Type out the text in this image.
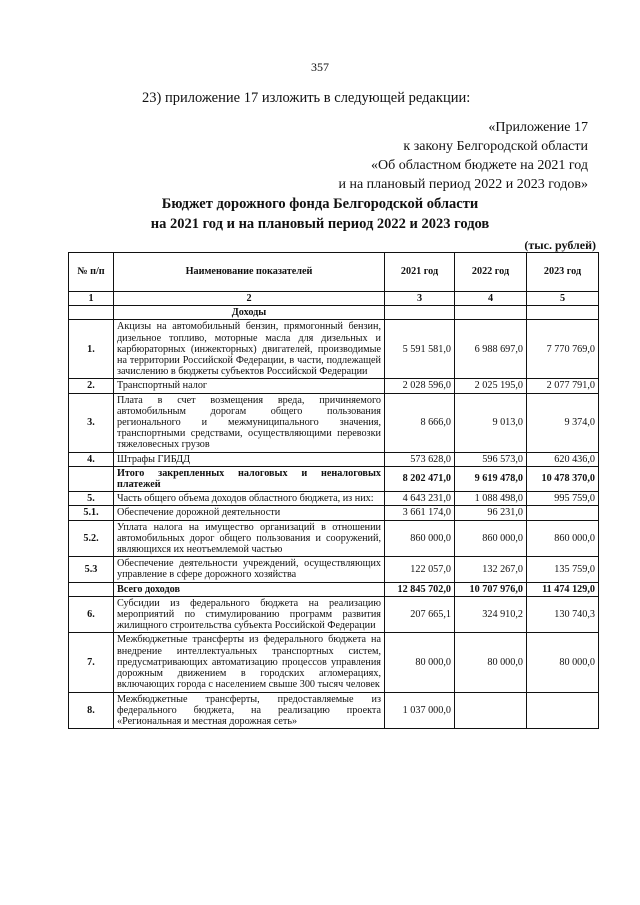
357
23) приложение 17 изложить в следующей редакции:
«Приложение 17
к закону Белгородской области
«Об областном бюджете на 2021 год
и на плановый период 2022 и 2023 годов»
Бюджет дорожного фонда Белгородской области
на 2021 год и на плановый период 2022 и 2023 годов
(тыс. рублей)
№ п/п	Наименование показателей	2021 год	2022 год	2023 год
1	2	3	4	5
	Доходы			
1.	Акцизы на автомобильный бензин, прямогонный бензин, дизельное топливо, моторные масла для дизельных и карбюраторных (инжекторных) двигателей, производимые на территории Российской Федерации, в части, подлежащей зачислению в бюджеты субъектов Российской Федерации	5 591 581,0	6 988 697,0	7 770 769,0
2.	Транспортный налог	2 028 596,0	2 025 195,0	2 077 791,0
3.	Плата в счет возмещения вреда, причиняемого автомобильным дорогам общего пользования регионального и межмуниципального значения, транспортными средствами, осуществляющими перевозки тяжеловесных грузов	8 666,0	9 013,0	9 374,0
4.	Штрафы ГИБДД	573 628,0	596 573,0	620 436,0
	Итого закрепленных налоговых и неналоговых платежей	8 202 471,0	9 619 478,0	10 478 370,0
5.	Часть общего объема доходов областного бюджета, из них:	4 643 231,0	1 088 498,0	995 759,0
5.1.	Обеспечение дорожной деятельности	3 661 174,0	96 231,0	
5.2.	Уплата налога на имущество организаций в отношении автомобильных дорог общего пользования и сооружений, являющихся их неотъемлемой частью	860 000,0	860 000,0	860 000,0
5.3	Обеспечение деятельности учреждений, осуществляющих управление в сфере дорожного хозяйства	122 057,0	132 267,0	135 759,0
	Всего доходов	12 845 702,0	10 707 976,0	11 474 129,0
6.	Субсидии из федерального бюджета на реализацию мероприятий по стимулированию программ развития жилищного строительства субъекта Российской Федерации	207 665,1	324 910,2	130 740,3
7.	Межбюджетные трансферты из федерального бюджета на внедрение интеллектуальных транспортных систем, предусматривающих автоматизацию процессов управления дорожным движением в городских агломерациях, включающих города с населением свыше 300 тысяч человек	80 000,0	80 000,0	80 000,0
8.	Межбюджетные трансферты, предоставляемые из федерального бюджета, на реализацию проекта «Региональная и местная дорожная сеть»	1 037 000,0		
